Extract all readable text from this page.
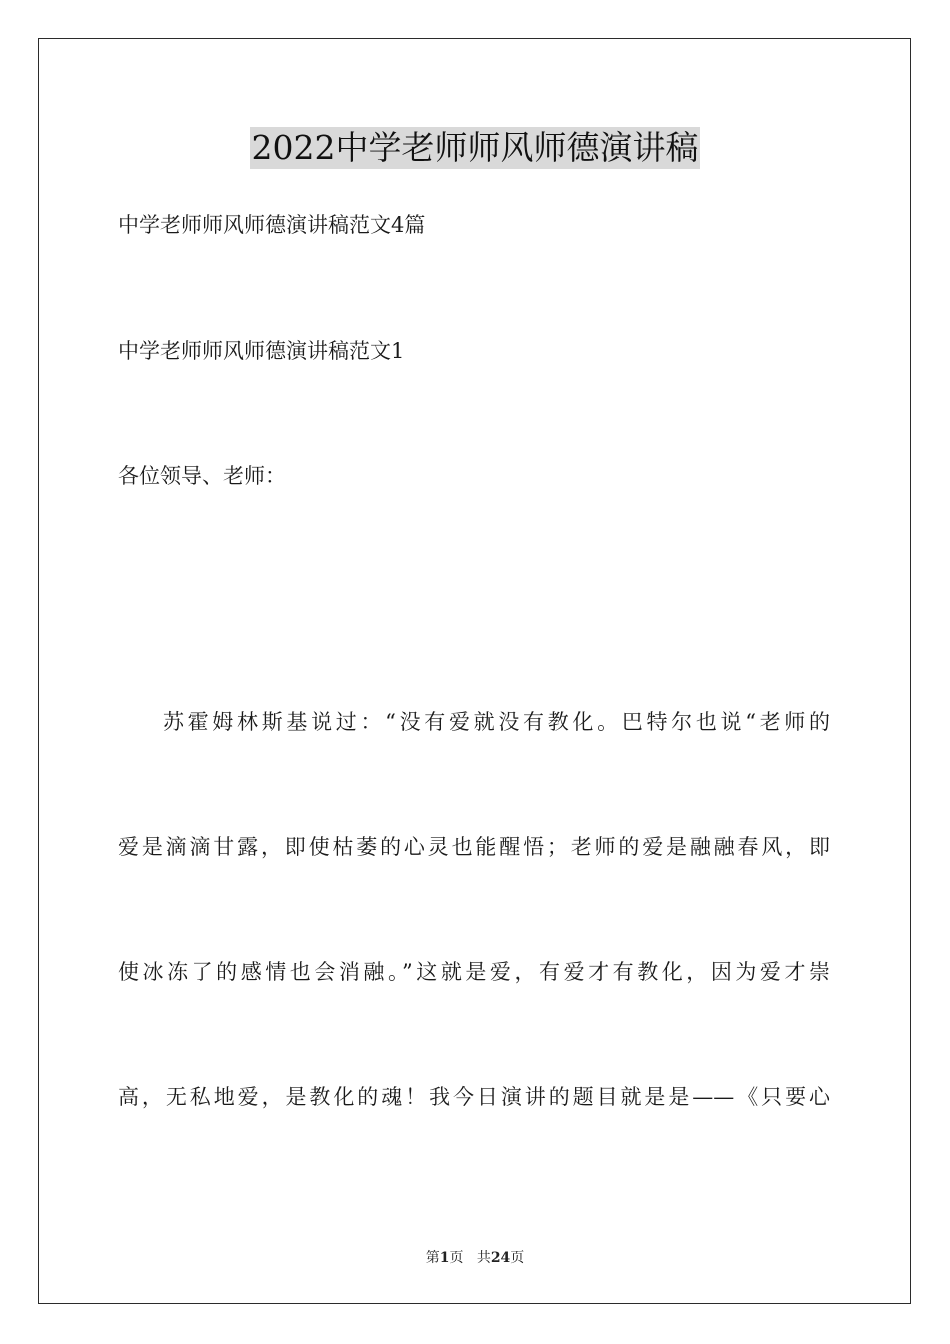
2022中学老师师风师德演讲稿
中学老师师风师德演讲稿范文4篇
中学老师师风师德演讲稿范文1
各位领导、老师：
苏霍姆林斯基说过：“没有爱就没有教化。巴特尔也说“老师的
爱是滴滴甘露，即使枯萎的心灵也能醒悟；老师的爱是融融春风，即
使冰冻了的感情也会消融。”这就是爱，有爱才有教化，因为爱才崇
高，无私地爱，是教化的魂！我今日演讲的题目就是是——《只要心
第1页 共24页
